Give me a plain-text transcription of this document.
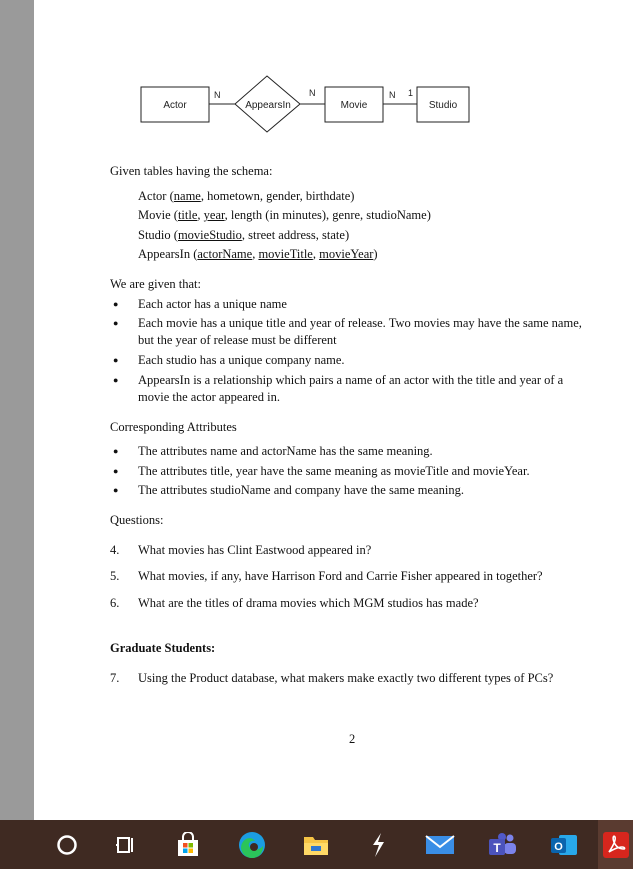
Actor
N
AppearsIn
N
Movie
N 1
Studio
Given tables having the schema:
Actor (name, hometown, gender, birthdate)
Movie (title, year, length (in minutes), genre, studioName)
Studio (movieStudio, street address, state)
AppearsIn (actorName, movieTitle, movieYear)
We are given that:
● Each actor has a unique name
● Each movie has a unique title and year of release. Two movies may have the same name,
but the year of release must be different
● Each studio has a unique company name.
● AppearsIn is a relationship which pairs a name of an actor with the title and year of a
movie the actor appeared in.
Corresponding Attributes
● The attributes name and actorName has the same meaning.
● The attributes title, year have the same meaning as movieTitle and movieYear.
● The attributes studioName and company have the same meaning.
Questions:
4. What movies has Clint Eastwood appeared in?
5. What movies, if any, have Harrison Ford and Carrie Fisher appeared in together?
6. What are the titles of drama movies which MGM studios has made?
Graduate Students:
7. Using the Product database, what makers make exactly two different types of PCs?
2
T	O
